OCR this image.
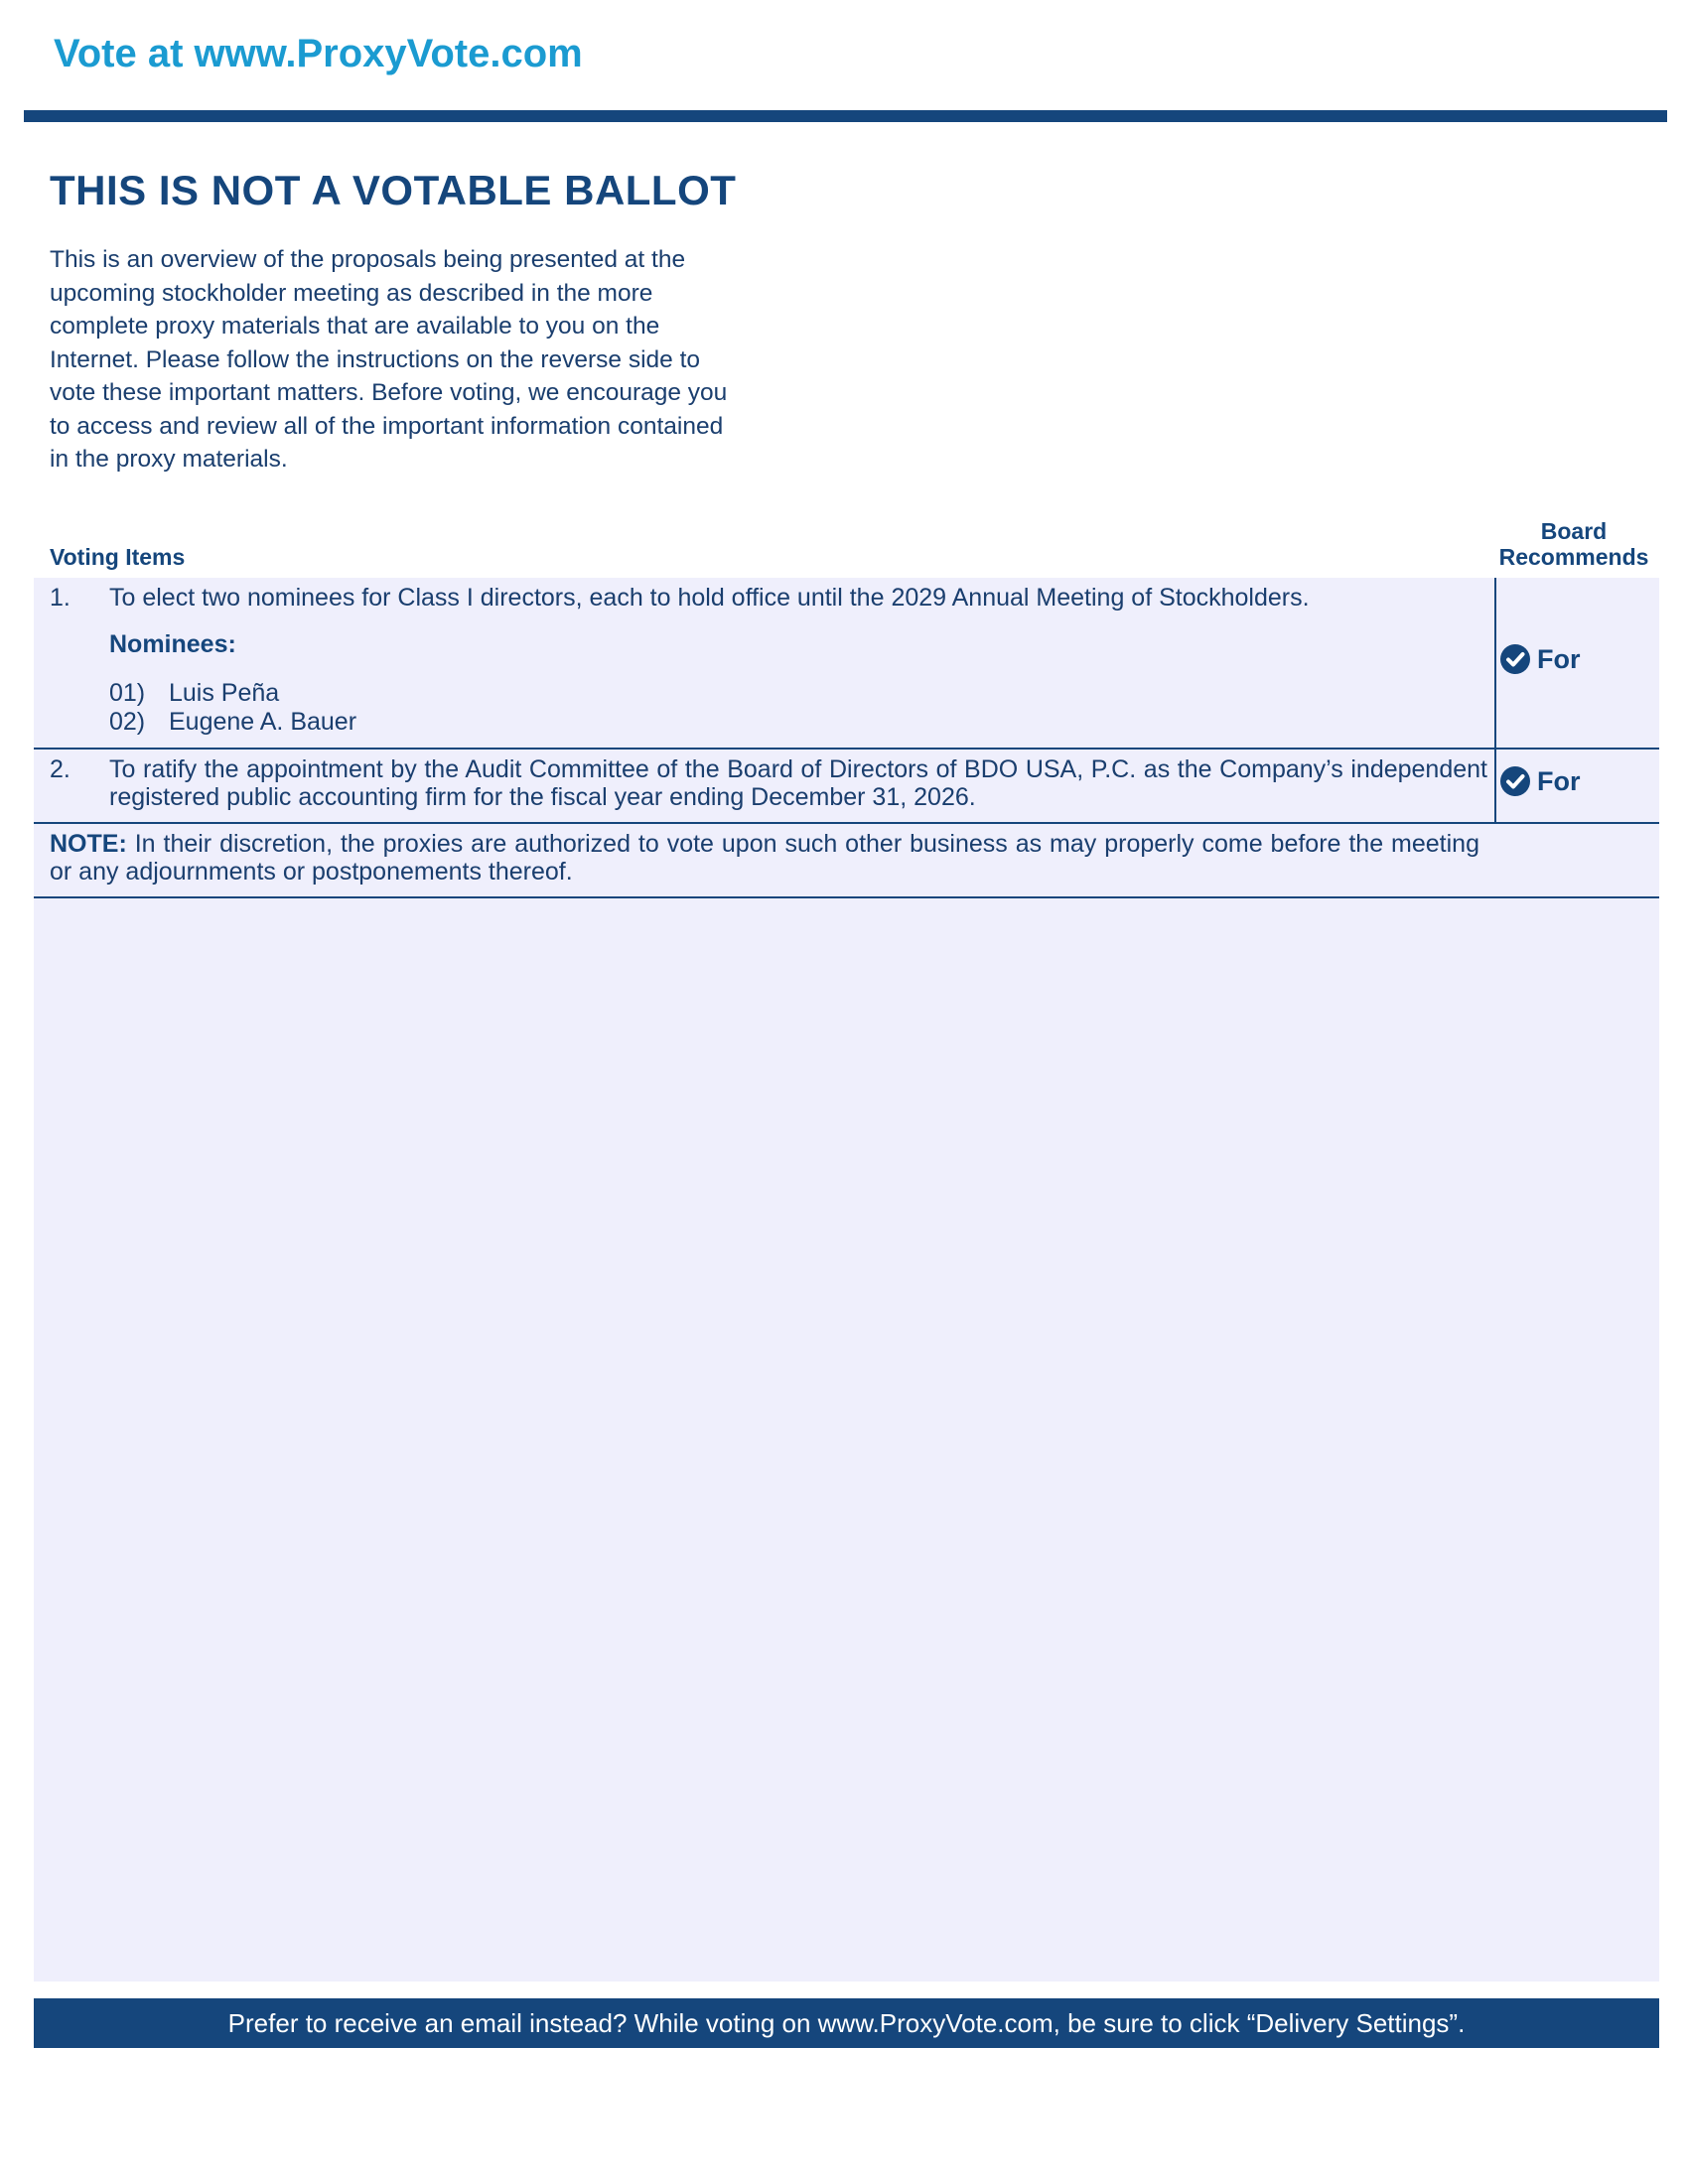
Vote at www.ProxyVote.com
THIS IS NOT A VOTABLE BALLOT

This is an overview of the proposals being presented at the
upcoming stockholder meeting as described in the more
complete proxy materials that are available to you on the
Internet. Please follow the instructions on the reverse side to
vote these important matters. Before voting, we encourage you
to access and review all of the important information contained
in the proxy materials.

Voting Items
Board
Recommends
1. To elect two nominees for Class I directors, each to hold office until the 2029 Annual Meeting of Stockholders.
Nominees:
01) Luis Peña
02) Eugene A. Bauer
For
2. To ratify the appointment by the Audit Committee of the Board of Directors of BDO USA, P.C. as the Company’s independent registered public accounting firm for the fiscal year ending December 31, 2026.
For
NOTE: In their discretion, the proxies are authorized to vote upon such other business as may properly come before the meeting or any adjournments or postponements thereof.
Prefer to receive an email instead? While voting on www.ProxyVote.com, be sure to click “Delivery Settings”.
